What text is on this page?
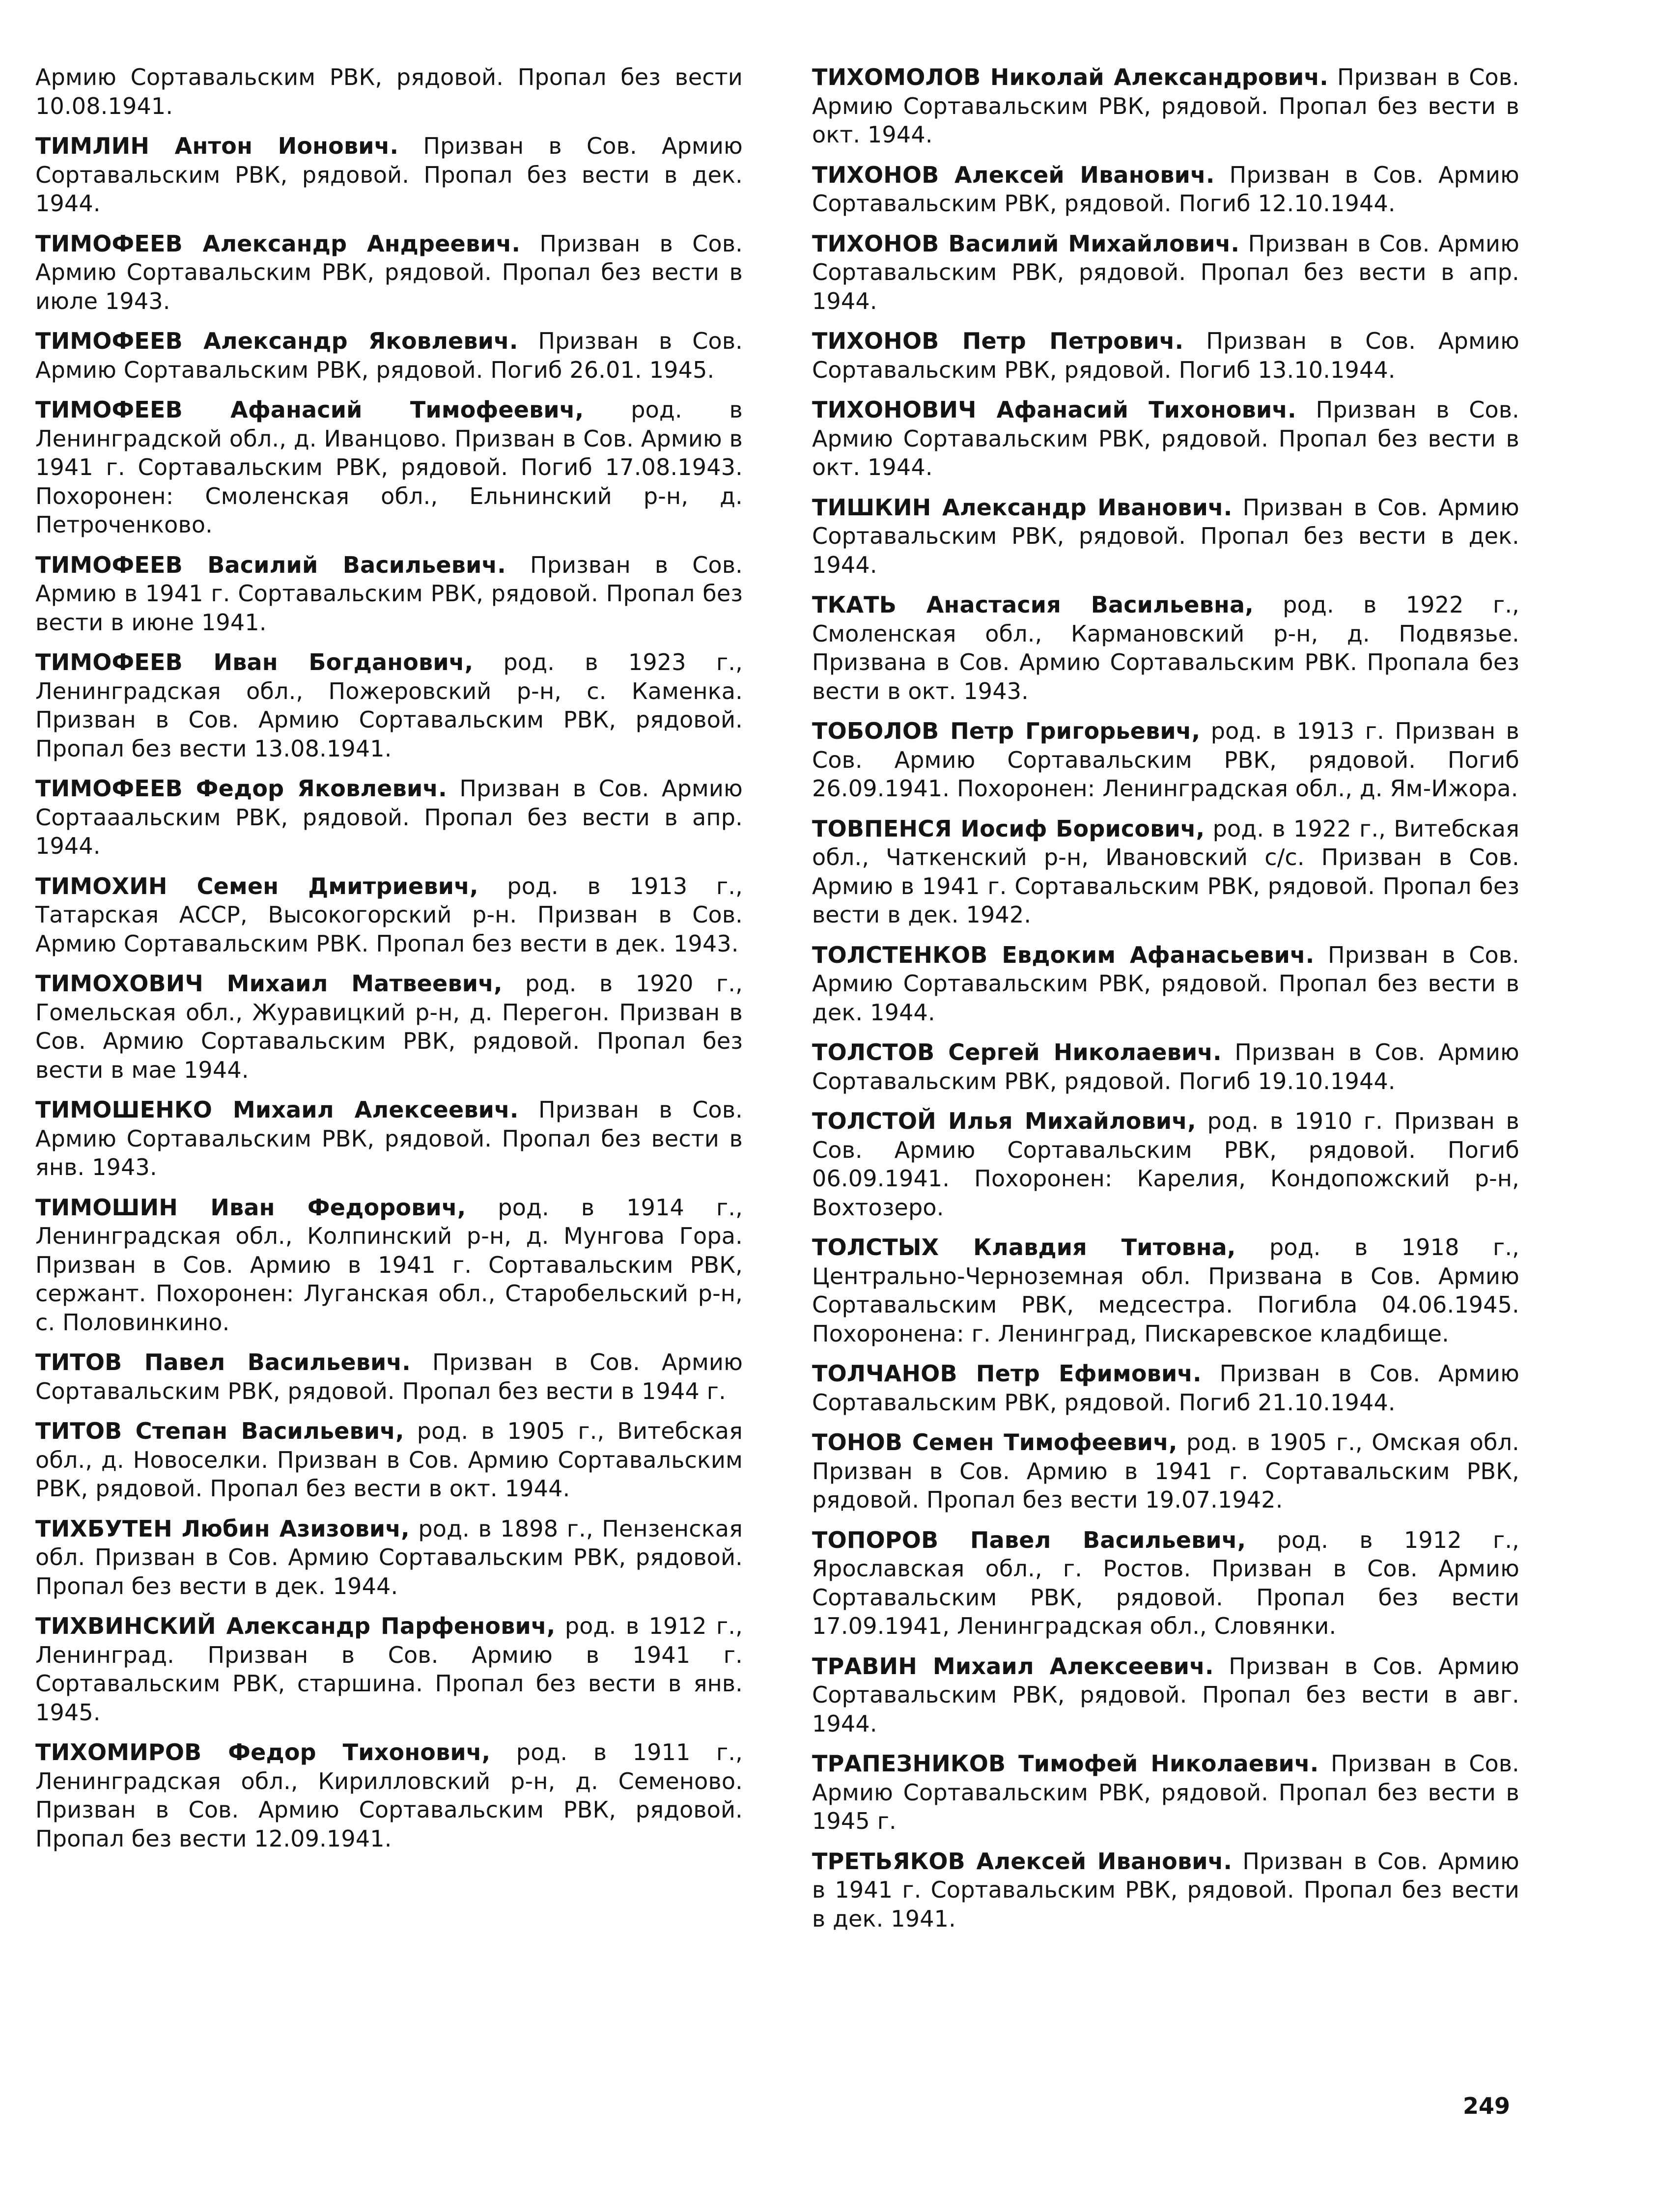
Армию Сортавальским РВК, рядовой. Пропал без вести 10.08.1941.

ТИМЛИН Антон Ионович. Призван в Сов. Армию Сортавальским РВК, рядовой. Пропал без вести в дек. 1944.

ТИМОФЕЕВ Александр Андреевич. Призван в Сов. Армию Сортавальским РВК, рядовой. Пропал без вести в июле 1943.

ТИМОФЕЕВ Александр Яковлевич. Призван в Сов. Армию Сортавальским РВК, рядовой. Погиб 26.01. 1945.

ТИМОФЕЕВ Афанасий Тимофеевич, род. в Ленинградской обл., д. Иванцово. Призван в Сов. Армию в 1941 г. Сортавальским РВК, рядовой. Погиб 17.08.1943. Похоронен: Смоленская обл., Ельнинский р-н, д. Петроченково.

ТИМОФЕЕВ Василий Васильевич. Призван в Сов. Армию в 1941 г. Сортавальским РВК, рядовой. Пропал без вести в июне 1941.

ТИМОФЕЕВ Иван Богданович, род. в 1923 г., Ленинградская обл., Пожеровский р-н, с. Каменка. Призван в Сов. Армию Сортавальским РВК, рядовой. Пропал без вести 13.08.1941.

ТИМОФЕЕВ Федор Яковлевич. Призван в Сов. Армию Сортааальским РВК, рядовой. Пропал без вести в апр. 1944.

ТИМОХИН Семен Дмитриевич, род. в 1913 г., Татарская АССР, Высокогорский р-н. Призван в Сов. Армию Сортавальским РВК. Пропал без вести в дек. 1943.

ТИМОХОВИЧ Михаил Матвеевич, род. в 1920 г., Гомельская обл., Журавицкий р-н, д. Перегон. Призван в Сов. Армию Сортавальским РВК, рядовой. Пропал без вести в мае 1944.

ТИМОШЕНКО Михаил Алексеевич. Призван в Сов. Армию Сортавальским РВК, рядовой. Пропал без вести в янв. 1943.

ТИМОШИН Иван Федорович, род. в 1914 г., Ленинградская обл., Колпинский р-н, д. Мунгова Гора. Призван в Сов. Армию в 1941 г. Сортавальским РВК, сержант. Похоронен: Луганская обл., Старобельский р-н, с. Половинкино.

ТИТОВ Павел Васильевич. Призван в Сов. Армию Сортавальским РВК, рядовой. Пропал без вести в 1944 г.

ТИТОВ Степан Васильевич, род. в 1905 г., Витебская обл., д. Новоселки. Призван в Сов. Армию Сортавальским РВК, рядовой. Пропал без вести в окт. 1944.

ТИХБУТЕН Любин Азизович, род. в 1898 г., Пензенская обл. Призван в Сов. Армию Сортавальским РВК, рядовой. Пропал без вести в дек. 1944.

ТИХВИНСКИЙ Александр Парфенович, род. в 1912 г., Ленинград. Призван в Сов. Армию в 1941 г. Сортавальским РВК, старшина. Пропал без вести в янв. 1945.

ТИХОМИРОВ Федор Тихонович, род. в 1911 г., Ленинградская обл., Кирилловский р-н, д. Семеново. Призван в Сов. Армию Сортавальским РВК, рядовой. Пропал без вести 12.09.1941.

ТИХОМОЛОВ Николай Александрович. Призван в Сов. Армию Сортавальским РВК, рядовой. Пропал без вести в окт. 1944.

ТИХОНОВ Алексей Иванович. Призван в Сов. Армию Сортавальским РВК, рядовой. Погиб 12.10.1944.

ТИХОНОВ Василий Михайлович. Призван в Сов. Армию Сортавальским РВК, рядовой. Пропал без вести в апр. 1944.

ТИХОНОВ Петр Петрович. Призван в Сов. Армию Сортавальским РВК, рядовой. Погиб 13.10.1944.

ТИХОНОВИЧ Афанасий Тихонович. Призван в Сов. Армию Сортавальским РВК, рядовой. Пропал без вести в окт. 1944.

ТИШКИН Александр Иванович. Призван в Сов. Армию Сортавальским РВК, рядовой. Пропал без вести в дек. 1944.

ТКАТЬ Анастасия Васильевна, род. в 1922 г., Смоленская обл., Кармановский р-н, д. Подвязье. Призвана в Сов. Армию Сортавальским РВК. Пропала без вести в окт. 1943.

ТОБОЛОВ Петр Григорьевич, род. в 1913 г. Призван в Сов. Армию Сортавальским РВК, рядовой. Погиб 26.09.1941. Похоронен: Ленинградская обл., д. Ям-Ижора.

ТОВПЕНСЯ Иосиф Борисович, род. в 1922 г., Витебская обл., Чаткенский р-н, Ивановский с/с. Призван в Сов. Армию в 1941 г. Сортавальским РВК, рядовой. Пропал без вести в дек. 1942.

ТОЛСТЕНКОВ Евдоким Афанасьевич. Призван в Сов. Армию Сортавальским РВК, рядовой. Пропал без вести в дек. 1944.

ТОЛСТОВ Сергей Николаевич. Призван в Сов. Армию Сортавальским РВК, рядовой. Погиб 19.10.1944.

ТОЛСТОЙ Илья Михайлович, род. в 1910 г. Призван в Сов. Армию Сортавальским РВК, рядовой. Погиб 06.09.1941. Похоронен: Карелия, Кондопожский р-н, Вохтозеро.

ТОЛСТЫХ Клавдия Титовна, род. в 1918 г., Центрально-Черноземная обл. Призвана в Сов. Армию Сортавальским РВК, медсестра. Погибла 04.06.1945. Похоронена: г. Ленинград, Пискаревское кладбище.

ТОЛЧАНОВ Петр Ефимович. Призван в Сов. Армию Сортавальским РВК, рядовой. Погиб 21.10.1944.

ТОНОВ Семен Тимофеевич, род. в 1905 г., Омская обл. Призван в Сов. Армию в 1941 г. Сортавальским РВК, рядовой. Пропал без вести 19.07.1942.

ТОПОРОВ Павел Васильевич, род. в 1912 г., Ярославская обл., г. Ростов. Призван в Сов. Армию Сортавальским РВК, рядовой. Пропал без вести 17.09.1941, Ленинградская обл., Словянки.

ТРАВИН Михаил Алексеевич. Призван в Сов. Армию Сортавальским РВК, рядовой. Пропал без вести в авг. 1944.

ТРАПЕЗНИКОВ Тимофей Николаевич. Призван в Сов. Армию Сортавальским РВК, рядовой. Пропал без вести в 1945 г.

ТРЕТЬЯКОВ Алексей Иванович. Призван в Сов. Армию в 1941 г. Сортавальским РВК, рядовой. Пропал без вести в дек. 1941.

249
